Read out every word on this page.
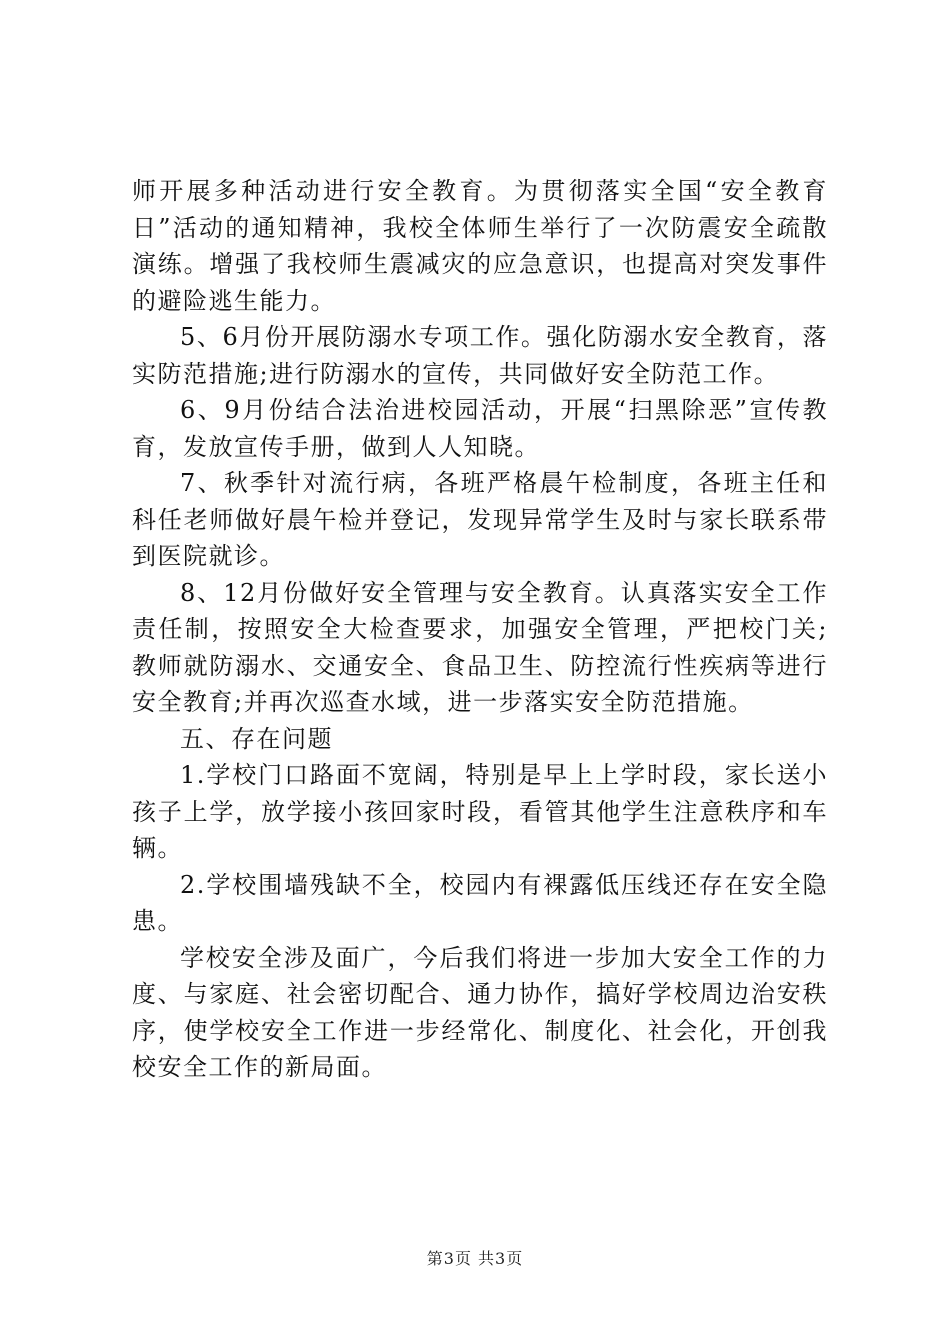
师开展多种活动进行安全教育。为贯彻落实全国“安全教育日”活动的通知精神，我校全体师生举行了一次防震安全疏散演练。增强了我校师生震减灾的应急意识，也提高对突发事件的避险逃生能力。

5、6月份开展防溺水专项工作。强化防溺水安全教育，落实防范措施;进行防溺水的宣传，共同做好安全防范工作。

6、9月份结合法治进校园活动，开展“扫黑除恶”宣传教育，发放宣传手册，做到人人知晓。

7、秋季针对流行病，各班严格晨午检制度，各班主任和科任老师做好晨午检并登记，发现异常学生及时与家长联系带到医院就诊。

8、12月份做好安全管理与安全教育。认真落实安全工作责任制，按照安全大检查要求，加强安全管理，严把校门关;教师就防溺水、交通安全、食品卫生、防控流行性疾病等进行安全教育;并再次巡查水域，进一步落实安全防范措施。

五、存在问题

1.学校门口路面不宽阔，特别是早上上学时段，家长送小孩子上学，放学接小孩回家时段，看管其他学生注意秩序和车辆。

2.学校围墙残缺不全，校园内有裸露低压线还存在安全隐患。

学校安全涉及面广，今后我们将进一步加大安全工作的力度、与家庭、社会密切配合、通力协作，搞好学校周边治安秩序，使学校安全工作进一步经常化、制度化、社会化，开创我校安全工作的新局面。

第3页 共3页
